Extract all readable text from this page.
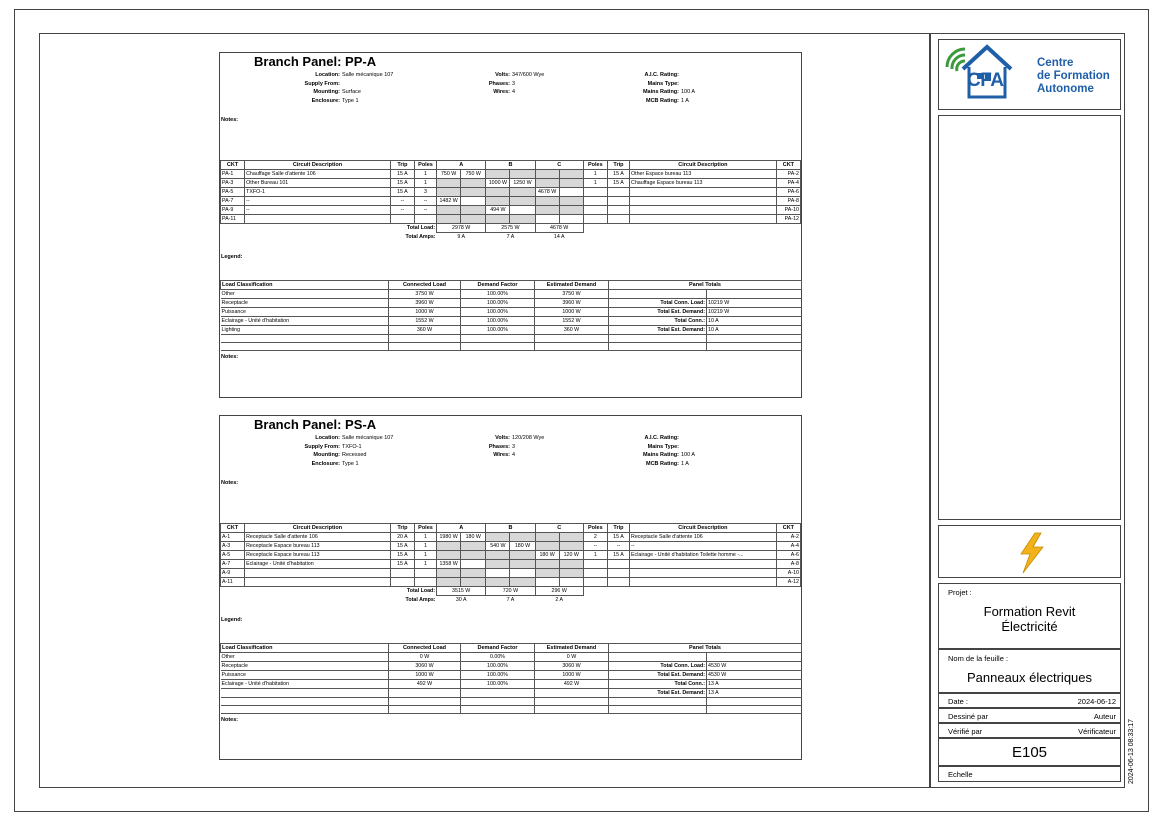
Branch Panel: PP-A
Location: Salle mécanique 107
Supply From:
Mounting: Surface
Enclosure: Type 1
Volts: 347/600 Wye
Phases: 3
Wires: 4
A.I.C. Rating:
Mains Type:
Mains Rating: 100 A
MCB Rating: 1 A
Notes:
CKT	Circuit Description	Trip	Poles	A		B		C		Poles	Trip	Circuit Description	CKT
PA-1	Chauffage Salle d'attente 106	15 A	1	750 W	750 W					1	15 A	Other Espace bureau 113	PA-2
PA-3	Other Bureau 101	15 A	1			1000 W	1250 W			1	15 A	Chauffage Espace bureau 113	PA-4
PA-5	TXFO-1	15 A	3					4678 W					PA-6
PA-7	--	--	--	1482 W									PA-8
PA-9	--	--	--			494 W							PA-10
PA-11													PA-12
Total Load:				2978 W		2575 W		4678 W					
Total Amps:				9 A		7 A		14 A					
Legend:
Load Classification	Connected Load	Demand Factor	Estimated Demand	Panel Totals	
Other	3750 W	100.00%	3750 W		
Receptacle	3960 W	100.00%	3960 W	Total Conn. Load:	10219 W
Puissance	1000 W	100.00%	1000 W	Total Est. Demand:	10219 W
Eclairage - Unité d'habitation	1552 W	100.00%	1552 W	Total Conn.:	10 A
Lighting	360 W	100.00%	360 W	Total Est. Demand:	10 A

Notes:
Branch Panel: PS-A
Location: Salle mécanique 107
Supply From: TXFO-1
Mounting: Recessed
Enclosure: Type 1
Volts: 120/208 Wye
Phases: 3
Wires: 4
A.I.C. Rating:
Mains Type:
Mains Rating: 100 A
MCB Rating: 1 A
Notes:
CKT	Circuit Description	Trip	Poles	A		B		C		Poles	Trip	Circuit Description	CKT
A-1	Receptacle Salle d'attente 106	20 A	1	1980 W	180 W					2	15 A	Receptacle Salle d'attente 106	A-2
A-3	Receptacle Espace bureau 113	15 A	1			540 W	180 W			--	--	--	A-4
A-5	Receptacle Espace bureau 113	15 A	1					180 W	120 W	1	15 A	Eclairage - Unité d'habitation Toilette homme -...	A-6
A-7	Eclairage - Unité d'habitation	15 A	1	1358 W									A-8
A-9													A-10
A-11													A-12
Total Load:				3515 W		720 W		296 W					
Total Amps:				30 A		7 A		2 A					
Legend:
Load Classification	Connected Load	Demand Factor	Estimated Demand	Panel Totals	
Other	0 W	0.00%	0 W		
Receptacle	3060 W	100.00%	3060 W	Total Conn. Load:	4530 W
Puissance	1000 W	100.00%	1000 W	Total Est. Demand:	4530 W
Eclairage - Unité d'habitation	492 W	100.00%	492 W	Total Conn.:	13 A
				Total Est. Demand:	13 A

Notes:
CFA
Centre
de Formation
Autonome
Projet :
Formation Revit
Électricité
Nom de la feuille :
Panneaux électriques
Date :	2024-06-12
Dessiné par	Auteur
Vérifié par	Vérificateur
E105
Echelle	2024-06-13 08:33:17
